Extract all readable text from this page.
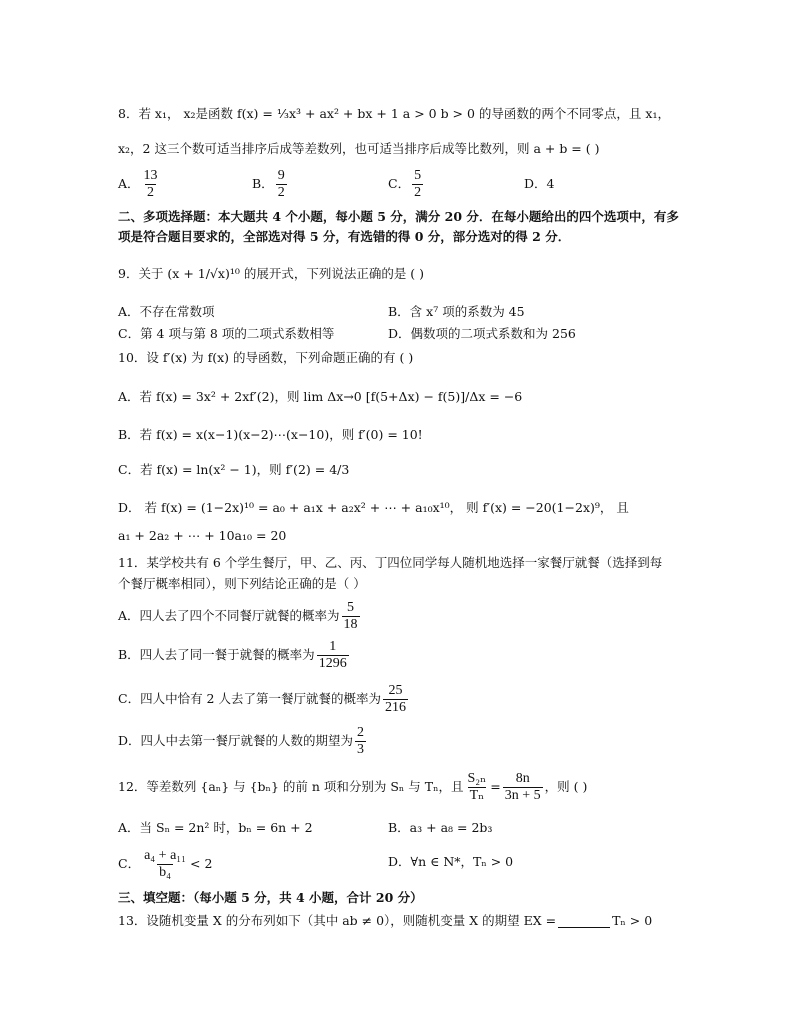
8．若 x₁， x₂是函数 f(x) = ⅓x³ + ax² + bx + 1 a > 0 b > 0 的导函数的两个不同零点，且 x₁，
x₂，2 这三个数可适当排序后成等差数列，也可适当排序后成等比数列，则 a + b = ( )
A． $\frac{13}{2}$	B． $\frac{9}{2}$	C． $\frac{5}{2}$	D．4
二、多项选择题：本大题共 4 个小题，每小题 5 分，满分 20 分．在每小题给出的四个选项中，有多
项是符合题目要求的，全部选对得 5 分，有选错的得 0 分，部分选对的得 2 分．
9．关于 (x + 1/√x)¹⁰ 的展开式，下列说法正确的是 ( )
A．不存在常数项	B．含 x⁷ 项的系数为 45
C．第 4 项与第 8 项的二项式系数相等	D．偶数项的二项式系数和为 256
10．设 f′(x) 为 f(x) 的导函数，下列命题正确的有 ( )
A．若 f(x) = 3x² + 2xf′(2)，则 lim Δx→0 [f(5+Δx) − f(5)]/Δx = −6
B．若 f(x) = x(x−1)(x−2)⋯(x−10)，则 f′(0) = 10!
C．若 f(x) = ln(x² − 1)，则 f′(2) = 4/3
D． 若 f(x) = (1−2x)¹⁰ = a₀ + a₁x + a₂x² + ⋯ + a₁₀x¹⁰， 则 f′(x) = −20(1−2x)⁹， 且
a₁ + 2a₂ + ⋯ + 10a₁₀ = 20
11．某学校共有 6 个学生餐厅，甲、乙、丙、丁四位同学每人随机地选择一家餐厅就餐（选择到每
个餐厅概率相同），则下列结论正确的是（ ）
A．四人去了四个不同餐厅就餐的概率为 $\frac{5}{18}$
B．四人去了同一餐于就餐的概率为 $\frac{1}{1296}$
C．四人中恰有 2 人去了第一餐厅就餐的概率为 $\frac{25}{216}$
D．四人中去第一餐厅就餐的人数的期望为 $\frac{2}{3}$
12．等差数列 {aₙ} 与 {bₙ} 的前 n 项和分别为 Sₙ 与 Tₙ，且 $\frac{\text{S₂ₙ}}{\text{Tₙ}} = \frac{8n}{3n + 5}$ ，则 ( )
A．当 Sₙ = 2n² 时，bₙ = 6n + 2	B．a₃ + a₈ = 2b₃
C． $\frac{\text{a₄ + a₁₁}}{\text{b₄}} < 2$	D．∀n ∈ N*，Tₙ > 0
三、填空题：（每小题 5 分，共 4 小题，合计 20 分）
13．设随机变量 X 的分布列如下（其中 ab ≠ 0），则随机变量 X 的期望 EX =	Tₙ > 0
